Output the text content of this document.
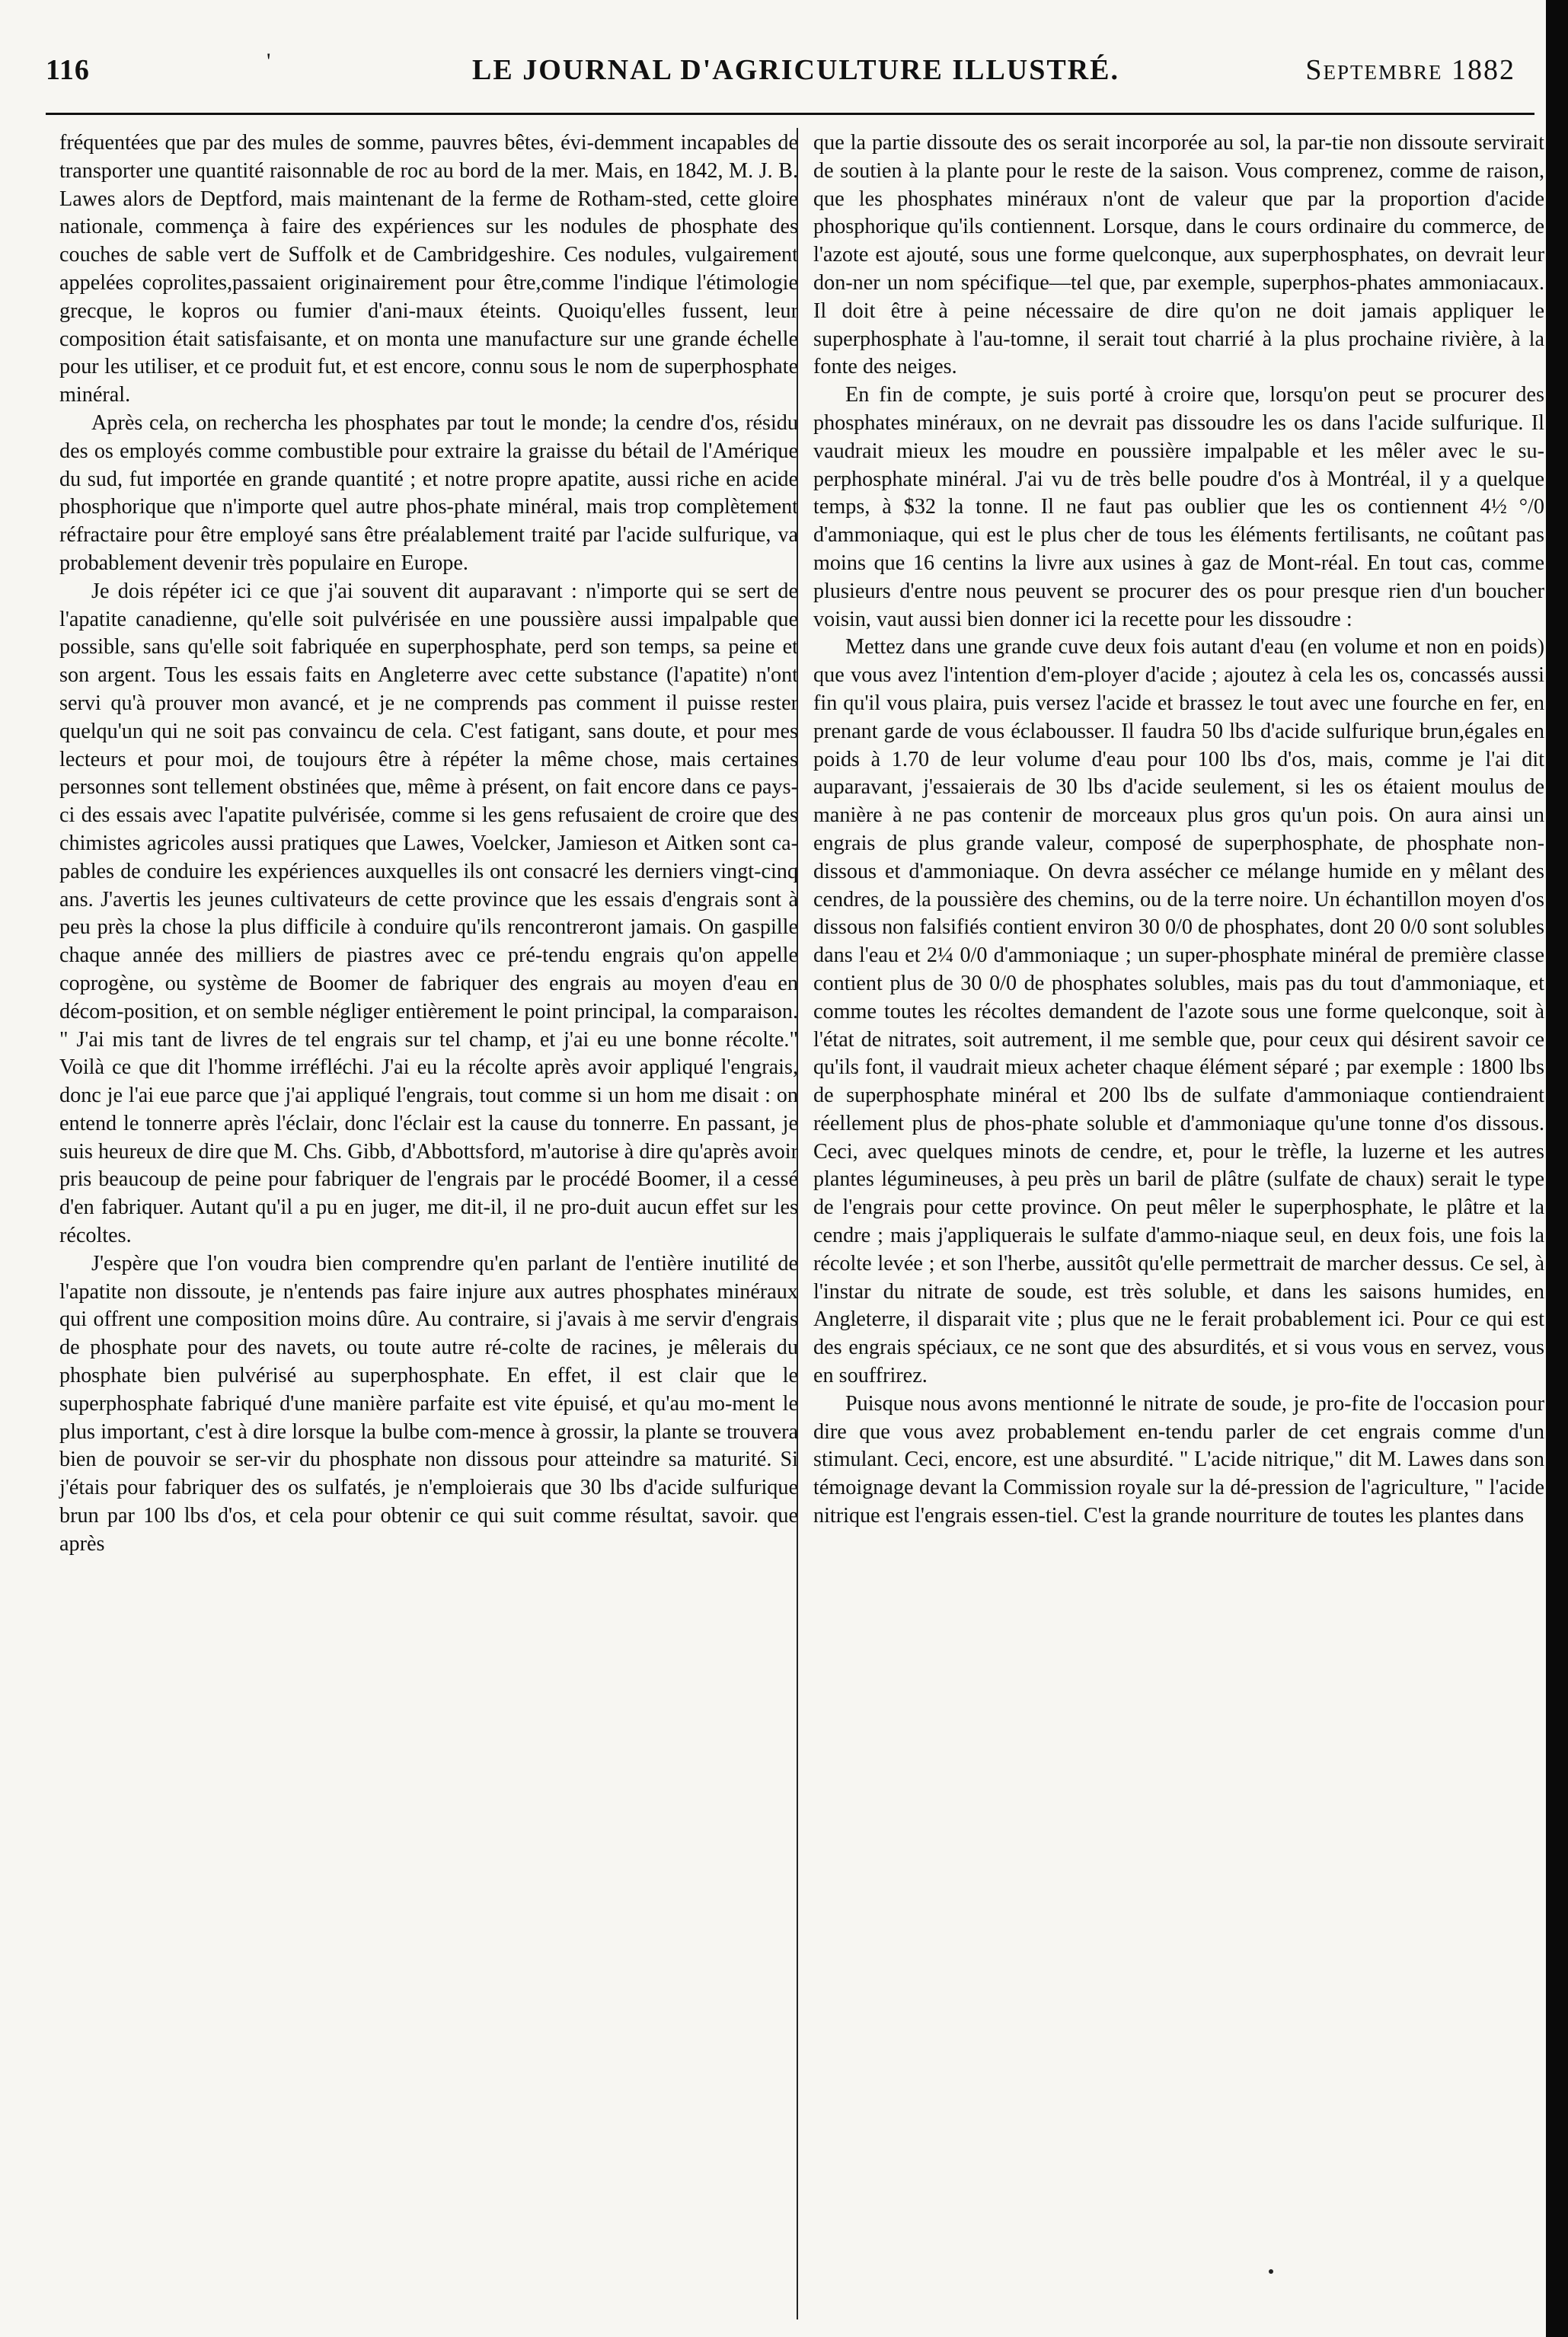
116	'	LE JOURNAL D'AGRICULTURE ILLUSTRÉ.	Septembre 1882

fréquentées que par des mules de somme, pauvres bêtes, évi-demment incapables de transporter une quantité raisonnable de roc au bord de la mer. Mais, en 1842, M. J. B. Lawes alors de Deptford, mais maintenant de la ferme de Rotham-sted, cette gloire nationale, commença à faire des expériences sur les nodules de phosphate des couches de sable vert de Suffolk et de Cambridgeshire. Ces nodules, vulgairement appelées coprolites,passaient originairement pour être,comme l'indique l'étimologie grecque, le kopros ou fumier d'ani-maux éteints. Quoiqu'elles fussent, leur composition était satisfaisante, et on monta une manufacture sur une grande échelle pour les utiliser, et ce produit fut, et est encore, connu sous le nom de superphosphate minéral.

Après cela, on rechercha les phosphates par tout le monde; la cendre d'os, résidu des os employés comme combustible pour extraire la graisse du bétail de l'Amérique du sud, fut importée en grande quantité ; et notre propre apatite, aussi riche en acide phosphorique que n'importe quel autre phos-phate minéral, mais trop complètement réfractaire pour être employé sans être préalablement traité par l'acide sulfurique, va probablement devenir très populaire en Europe.

Je dois répéter ici ce que j'ai souvent dit auparavant : n'importe qui se sert de l'apatite canadienne, qu'elle soit pulvérisée en une poussière aussi impalpable que possible, sans qu'elle soit fabriquée en superphosphate, perd son temps, sa peine et son argent. Tous les essais faits en Angleterre avec cette substance (l'apatite) n'ont servi qu'à prouver mon avancé, et je ne comprends pas comment il puisse rester quelqu'un qui ne soit pas convaincu de cela. C'est fatigant, sans doute, et pour mes lecteurs et pour moi, de toujours être à répéter la même chose, mais certaines personnes sont tellement obstinées que, même à présent, on fait encore dans ce pays-ci des essais avec l'apatite pulvérisée, comme si les gens refusaient de croire que des chimistes agricoles aussi pratiques que Lawes, Voelcker, Jamieson et Aitken sont ca-pables de conduire les expériences auxquelles ils ont consacré les derniers vingt-cinq ans. J'avertis les jeunes cultivateurs de cette province que les essais d'engrais sont à peu près la chose la plus difficile à conduire qu'ils rencontreront jamais. On gaspille chaque année des milliers de piastres avec ce pré-tendu engrais qu'on appelle coprogène, ou système de Boomer de fabriquer des engrais au moyen d'eau en décom-position, et on semble négliger entièrement le point principal, la comparaison. " J'ai mis tant de livres de tel engrais sur tel champ, et j'ai eu une bonne récolte." Voilà ce que dit l'homme irréfléchi. J'ai eu la récolte après avoir appliqué l'engrais, donc je l'ai eue parce que j'ai appliqué l'engrais, tout comme si un hom me disait : on entend le tonnerre après l'éclair, donc l'éclair est la cause du tonnerre. En passant, je suis heureux de dire que M. Chs. Gibb, d'Abbottsford, m'autorise à dire qu'après avoir pris beaucoup de peine pour fabriquer de l'engrais par le procédé Boomer, il a cessé d'en fabriquer. Autant qu'il a pu en juger, me dit-il, il ne pro-duit aucun effet sur les récoltes.

J'espère que l'on voudra bien comprendre qu'en parlant de l'entière inutilité de l'apatite non dissoute, je n'entends pas faire injure aux autres phosphates minéraux qui offrent une composition moins dûre. Au contraire, si j'avais à me servir d'engrais de phosphate pour des navets, ou toute autre ré-colte de racines, je mêlerais du phosphate bien pulvérisé au superphosphate. En effet, il est clair que le superphosphate fabriqué d'une manière parfaite est vite épuisé, et qu'au mo-ment le plus important, c'est à dire lorsque la bulbe com-mence à grossir, la plante se trouvera bien de pouvoir se ser-vir du phosphate non dissous pour atteindre sa maturité. Si j'étais pour fabriquer des os sulfatés, je n'emploierais que 30 lbs d'acide sulfurique brun par 100 lbs d'os, et cela pour obtenir ce qui suit comme résultat, savoir. que après

que la partie dissoute des os serait incorporée au sol, la par-tie non dissoute servirait de soutien à la plante pour le reste de la saison. Vous comprenez, comme de raison, que les phosphates minéraux n'ont de valeur que par la proportion d'acide phosphorique qu'ils contiennent. Lorsque, dans le cours ordinaire du commerce, de l'azote est ajouté, sous une forme quelconque, aux superphosphates, on devrait leur don-ner un nom spécifique—tel que, par exemple, superphos-phates ammoniacaux. Il doit être à peine nécessaire de dire qu'on ne doit jamais appliquer le superphosphate à l'au-tomne, il serait tout charrié à la plus prochaine rivière, à la fonte des neiges.

En fin de compte, je suis porté à croire que, lorsqu'on peut se procurer des phosphates minéraux, on ne devrait pas dissoudre les os dans l'acide sulfurique. Il vaudrait mieux les moudre en poussière impalpable et les mêler avec le su-perphosphate minéral. J'ai vu de très belle poudre d'os à Montréal, il y a quelque temps, à $32 la tonne. Il ne faut pas oublier que les os contiennent 4½ °/0 d'ammoniaque, qui est le plus cher de tous les éléments fertilisants, ne coûtant pas moins que 16 centins la livre aux usines à gaz de Mont-réal. En tout cas, comme plusieurs d'entre nous peuvent se procurer des os pour presque rien d'un boucher voisin, vaut aussi bien donner ici la recette pour les dissoudre :

Mettez dans une grande cuve deux fois autant d'eau (en volume et non en poids) que vous avez l'intention d'em-ployer d'acide ; ajoutez à cela les os, concassés aussi fin qu'il vous plaira, puis versez l'acide et brassez le tout avec une fourche en fer, en prenant garde de vous éclabousser. Il faudra 50 lbs d'acide sulfurique brun,égales en poids à 1.70 de leur volume d'eau pour 100 lbs d'os, mais, comme je l'ai dit auparavant, j'essaierais de 30 lbs d'acide seulement, si les os étaient moulus de manière à ne pas contenir de morceaux plus gros qu'un pois. On aura ainsi un engrais de plus grande valeur, composé de superphosphate, de phosphate non-dissous et d'ammoniaque. On devra assécher ce mélange humide en y mêlant des cendres, de la poussière des chemins, ou de la terre noire. Un échantillon moyen d'os dissous non falsifiés contient environ 30 0/0 de phosphates, dont 20 0/0 sont solubles dans l'eau et 2¼ 0/0 d'ammoniaque ; un super-phosphate minéral de première classe contient plus de 30 0/0 de phosphates solubles, mais pas du tout d'ammoniaque, et comme toutes les récoltes demandent de l'azote sous une forme quelconque, soit à l'état de nitrates, soit autrement, il me semble que, pour ceux qui désirent savoir ce qu'ils font, il vaudrait mieux acheter chaque élément séparé ; par exemple : 1800 lbs de superphosphate minéral et 200 lbs de sulfate d'ammoniaque contiendraient réellement plus de phos-phate soluble et d'ammoniaque qu'une tonne d'os dissous. Ceci, avec quelques minots de cendre, et, pour le trèfle, la luzerne et les autres plantes légumineuses, à peu près un baril de plâtre (sulfate de chaux) serait le type de l'engrais pour cette province. On peut mêler le superphosphate, le plâtre et la cendre ; mais j'appliquerais le sulfate d'ammo-niaque seul, en deux fois, une fois la récolte levée ; et son l'herbe, aussitôt qu'elle permettrait de marcher dessus. Ce sel, à l'instar du nitrate de soude, est très soluble, et dans les saisons humides, en Angleterre, il disparait vite ; plus que ne le ferait probablement ici. Pour ce qui est des engrais spéciaux, ce ne sont que des absurdités, et si vous vous en servez, vous en souffrirez.

Puisque nous avons mentionné le nitrate de soude, je pro-fite de l'occasion pour dire que vous avez probablement en-tendu parler de cet engrais comme d'un stimulant. Ceci, encore, est une absurdité. " L'acide nitrique," dit M. Lawes dans son témoignage devant la Commission royale sur la dé-pression de l'agriculture, " l'acide nitrique est l'engrais essen-tiel. C'est la grande nourriture de toutes les plantes dans
